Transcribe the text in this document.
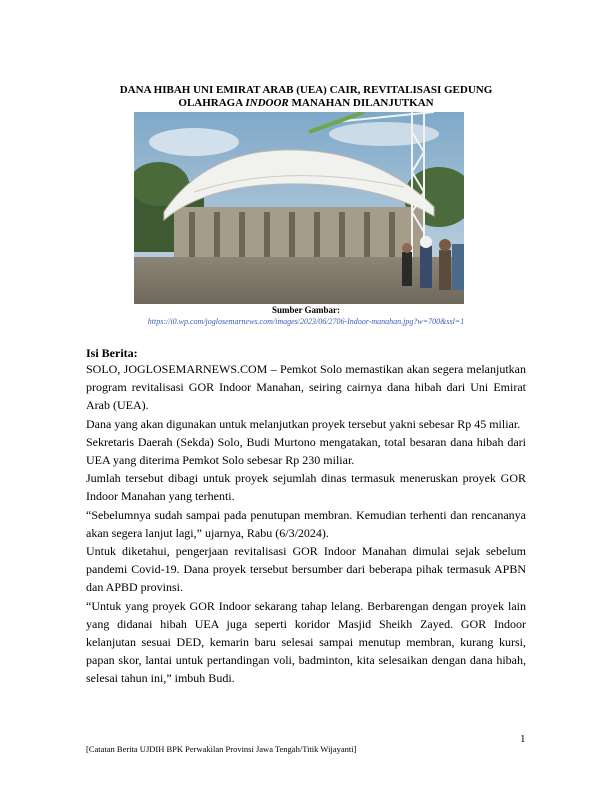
DANA HIBAH UNI EMIRAT ARAB (UEA) CAIR, REVITALISASI GEDUNG
OLAHRAGA INDOOR MANAHAN DILANJUTKAN
Sumber Gambar:
https://i0.wp.com/joglosemarnews.com/images/2023/06/2706-Indoor-manahan.jpg?w=700&ssl=1
Isi Berita:

SOLO, JOGLOSEMARNEWS.COM – Pemkot Solo memastikan akan segera melanjutkan program revitalisasi GOR Indoor Manahan, seiring cairnya dana hibah dari Uni Emirat Arab (UEA).

Dana yang akan digunakan untuk melanjutkan proyek tersebut yakni sebesar Rp 45 miliar.

Sekretaris Daerah (Sekda) Solo, Budi Murtono mengatakan, total besaran dana hibah dari UEA yang diterima Pemkot Solo sebesar Rp 230 miliar.

Jumlah tersebut dibagi untuk proyek sejumlah dinas termasuk meneruskan proyek GOR Indoor Manahan yang terhenti.

“Sebelumnya sudah sampai pada penutupan membran. Kemudian terhenti dan rencananya akan segera lanjut lagi,” ujarnya, Rabu (6/3/2024).

Untuk diketahui, pengerjaan revitalisasi GOR Indoor Manahan dimulai sejak sebelum pandemi Covid-19. Dana proyek tersebut bersumber dari beberapa pihak termasuk APBN dan APBD provinsi.

“Untuk yang proyek GOR Indoor sekarang tahap lelang. Berbarengan dengan proyek lain yang didanai hibah UEA juga seperti koridor Masjid Sheikh Zayed. GOR Indoor kelanjutan sesuai DED, kemarin baru selesai sampai menutup membran, kurang kursi, papan skor, lantai untuk pertandingan voli, badminton, kita selesaikan dengan dana hibah, selesai tahun ini,” imbuh Budi.

1
[Catatan Berita UJDIH BPK Perwakilan Provinsi Jawa Tengah/Titik Wijayanti]
